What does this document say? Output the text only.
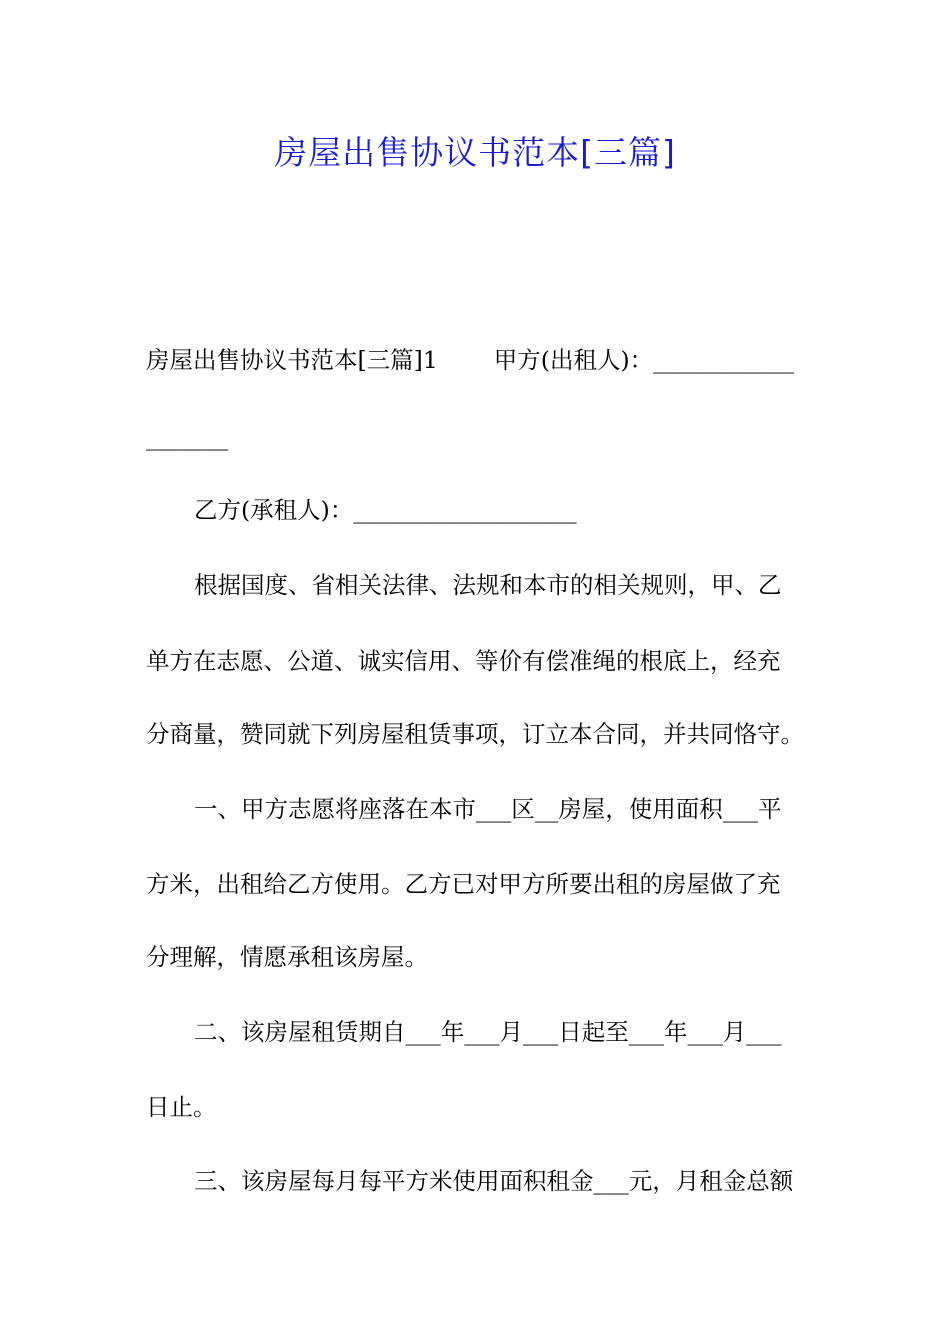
房屋出售协议书范本[三篇]
房屋出售协议书范本[三篇]1 甲方(出租人)：____________
_______
乙方(承租人)：___________________
根据国度、省相关法律、法规和本市的相关规则，甲、乙
单方在志愿、公道、诚实信用、等价有偿准绳的根底上，经充
分商量，赞同就下列房屋租赁事项，订立本合同，并共同恪守。
一、甲方志愿将座落在本市___区__房屋，使用面积___平
方米，出租给乙方使用。乙方已对甲方所要出租的房屋做了充
分理解，情愿承租该房屋。
二、该房屋租赁期自___年___月___日起至___年___月___
日止。
三、该房屋每月每平方米使用面积租金___元，月租金总额
